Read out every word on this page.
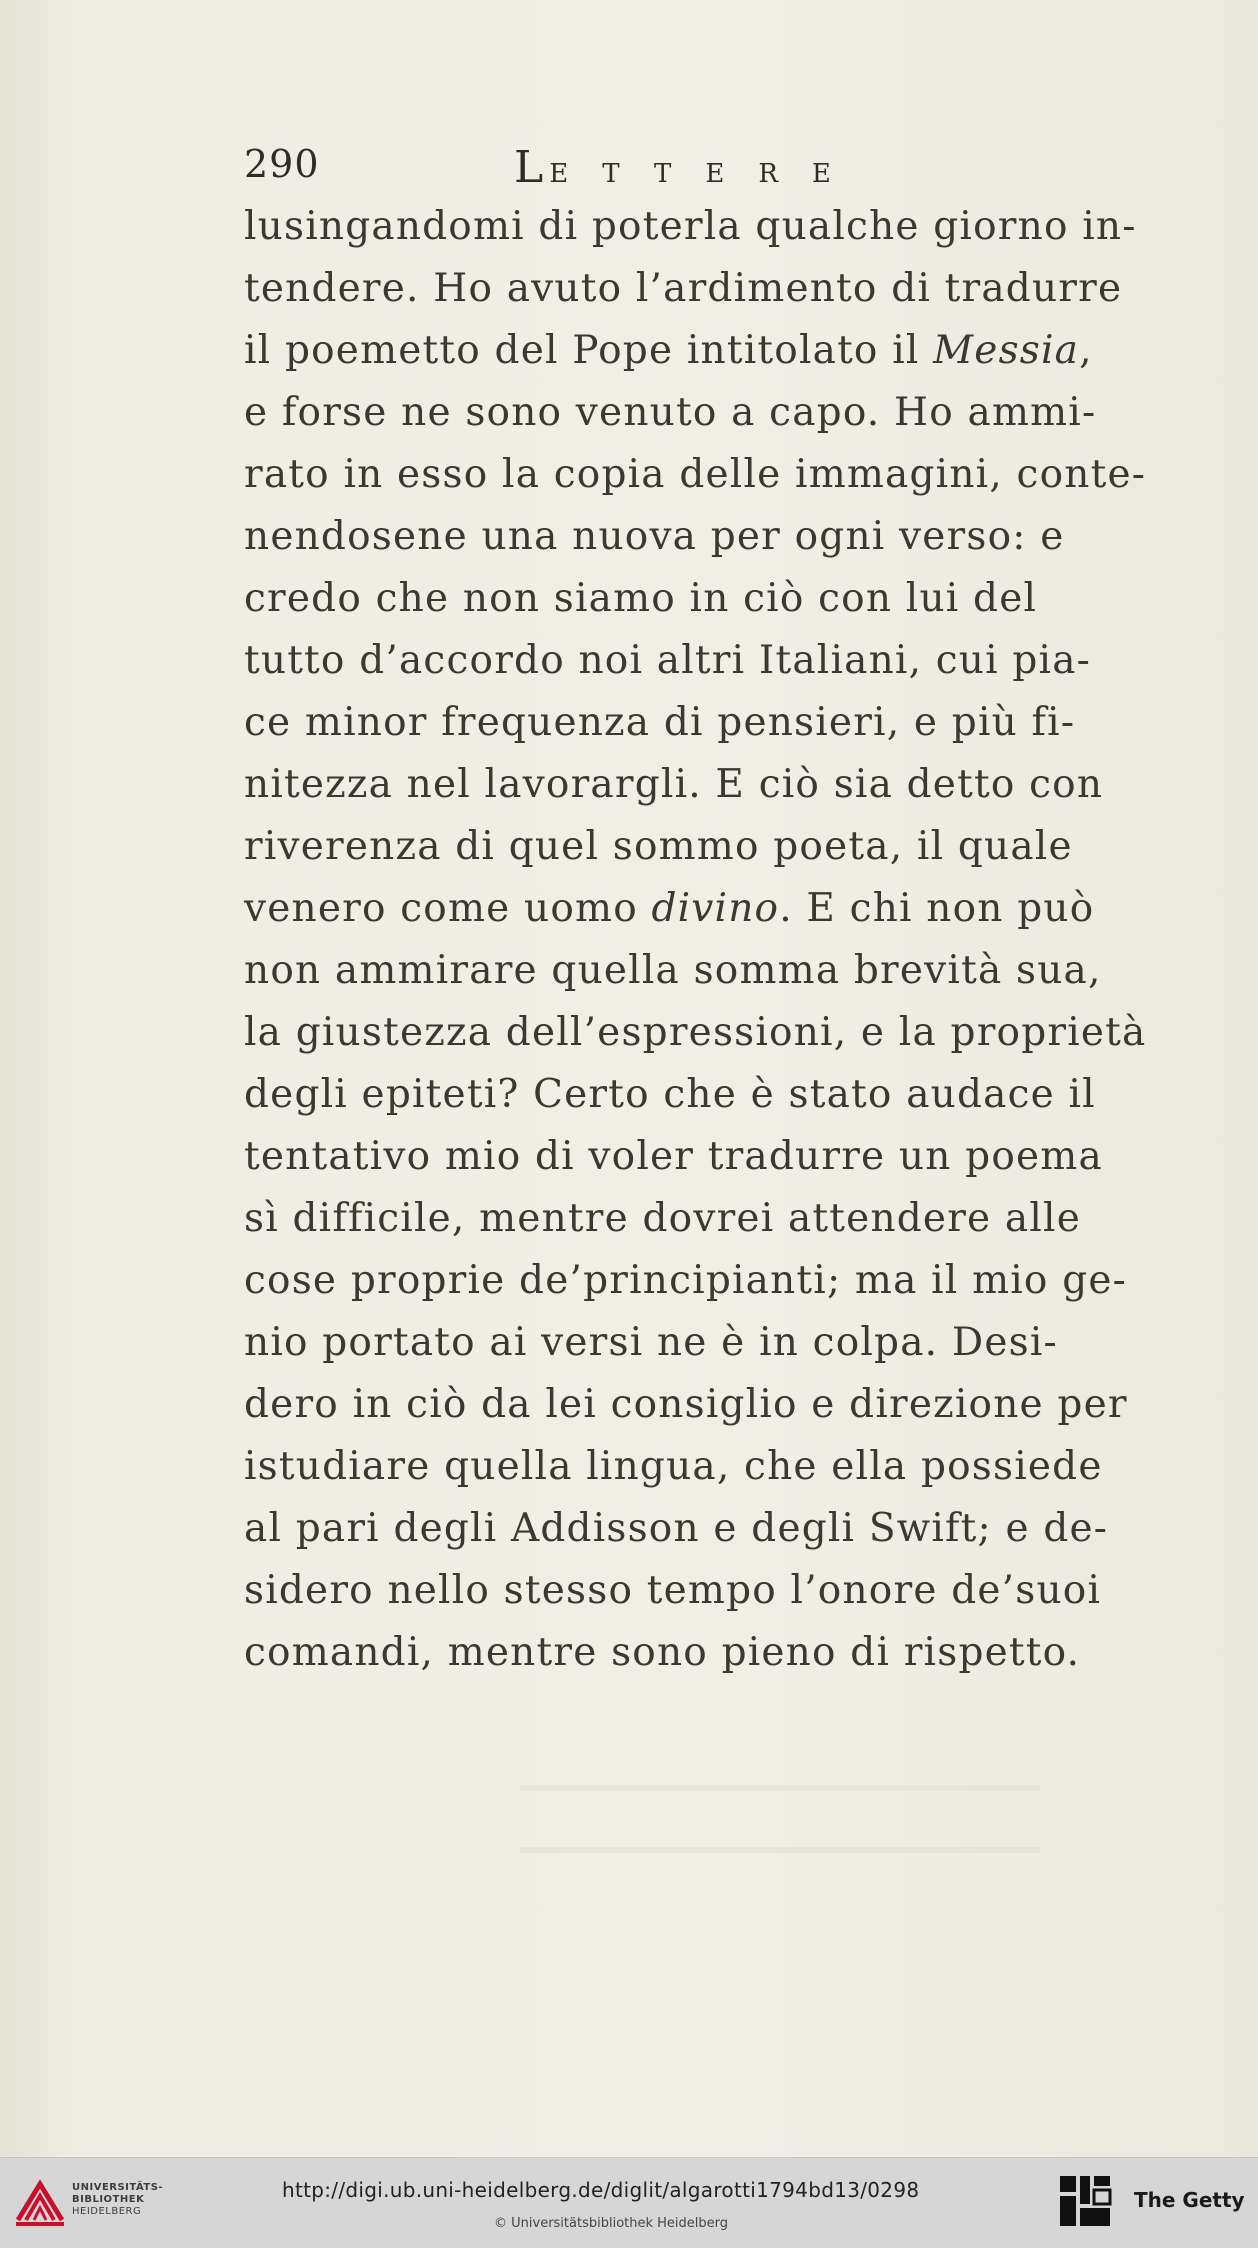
290	LETTERE
lusingandomi di poterla qualche giorno in-
tendere. Ho avuto l’ardimento di tradurre
il poemetto del Pope intitolato il Messia,
e forse ne sono venuto a capo. Ho ammi-
rato in esso la copia delle immagini, conte-
nendosene una nuova per ogni verso: e
credo che non siamo in ciò con lui del
tutto d’accordo noi altri Italiani, cui pia-
ce minor frequenza di pensieri, e più fi-
nitezza nel lavorargli. E ciò sia detto con
riverenza di quel sommo poeta, il quale
venero come uomo divino. E chi non può
non ammirare quella somma brevità sua,
la giustezza dell’espressioni, e la proprietà
degli epiteti? Certo che è stato audace il
tentativo mio di voler tradurre un poema
sì difficile, mentre dovrei attendere alle
cose proprie de’principianti; ma il mio ge-
nio portato ai versi ne è in colpa. Desi-
dero in ciò da lei consiglio e direzione per
istudiare quella lingua, che ella possiede
al pari degli Addisson e degli Swift; e de-
sidero nello stesso tempo l’onore de’suoi
comandi, mentre sono pieno di rispetto.
UNIVERSITÄTS-
BIBLIOTHEK
HEIDELBERG
http://digi.ub.uni-heidelberg.de/diglit/algarotti1794bd13/0298
© Universitätsbibliothek Heidelberg
The Getty
